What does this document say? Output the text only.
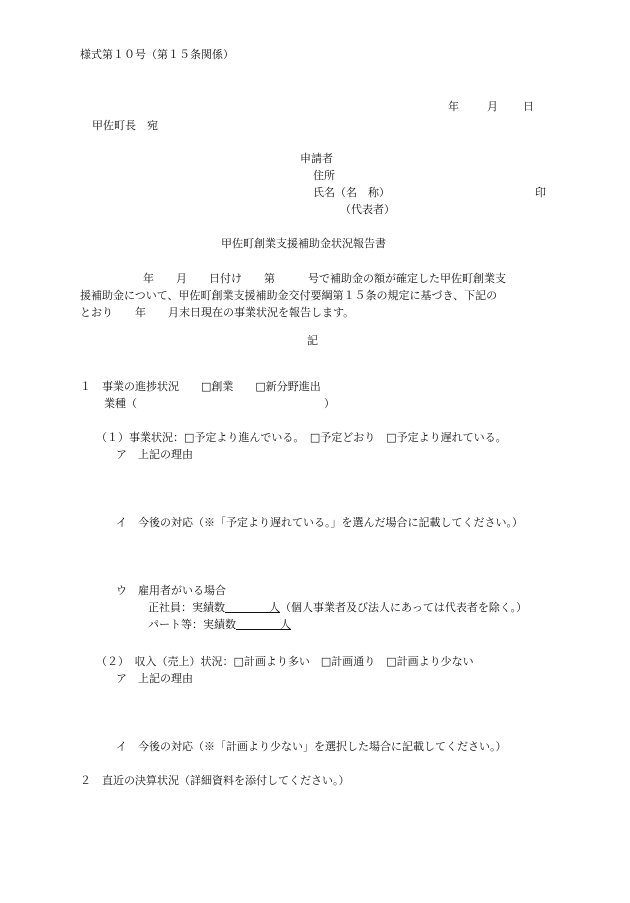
様式第１０号（第１５条関係）
年	月 日
甲佐町長　宛
申請者
住所
氏名（名　称）	印
（代表者）
甲佐町創業支援補助金状況報告書
年　　月　　日付け　　第　　　号で補助金の額が確定した甲佐町創業支
援補助金について、甲佐町創業支援補助金交付要綱第１５条の規定に基づき、下記の
とおり　　年　　月末日現在の事業状況を報告します。
記
１　事業の進捗状況　　□創業　　□新分野進出
業種（　　　　　　　　　　　　　　　　　）
（１）事業状況：□予定より進んでいる。　□予定どおり　□予定より遅れている。
ア　上記の理由
イ　今後の対応（※「予定より遅れている。」を選んだ場合に記載してください。）
ウ　雇用者がいる場合
正社員：実績数　　　　	人（個人事業者及び法人にあっては代表者を除く。）
パート等：実績数　　　　	人
（２）　収入（売上）状況：□計画より多い　□計画通り　□計画より少ない
ア　上記の理由
イ　今後の対応（※「計画より少ない」を選択した場合に記載してください。）
２　直近の決算状況（詳細資料を添付してください。）
